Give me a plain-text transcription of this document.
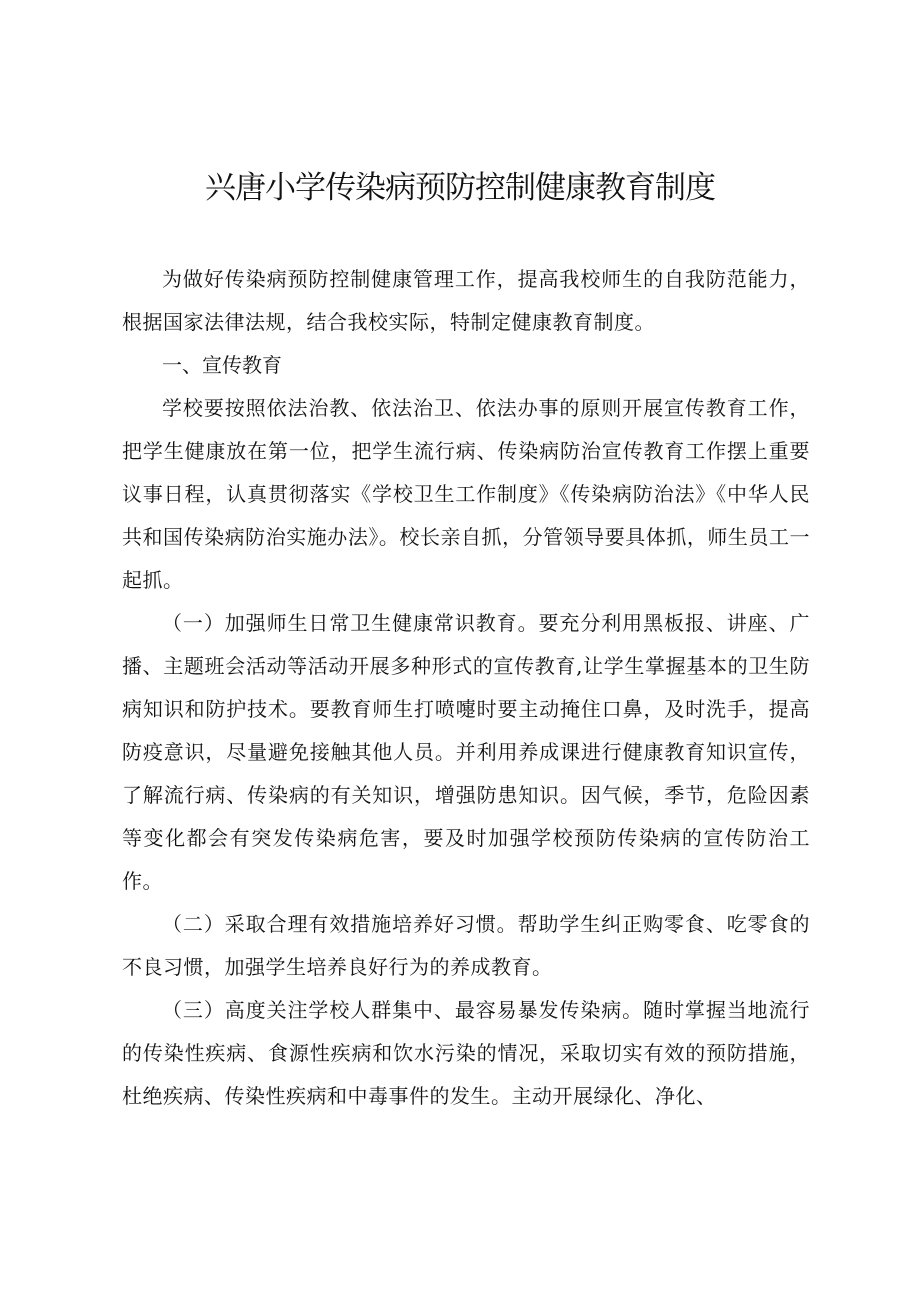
兴唐小学传染病预防控制健康教育制度

为做好传染病预防控制健康管理工作，提高我校师生的自我防范能力，根据国家法律法规，结合我校实际，特制定健康教育制度。

一、宣传教育

学校要按照依法治教、依法治卫、依法办事的原则开展宣传教育工作，把学生健康放在第一位，把学生流行病、传染病防治宣传教育工作摆上重要议事日程，认真贯彻落实《学校卫生工作制度》《传染病防治法》《中华人民共和国传染病防治实施办法》。校长亲自抓，分管领导要具体抓，师生员工一起抓。

（一）加强师生日常卫生健康常识教育。要充分利用黑板报、讲座、广播、主题班会活动等活动开展多种形式的宣传教育,让学生掌握基本的卫生防病知识和防护技术。要教育师生打喷嚏时要主动掩住口鼻，及时洗手，提高防疫意识，尽量避免接触其他人员。并利用养成课进行健康教育知识宣传，了解流行病、传染病的有关知识，增强防患知识。因气候，季节，危险因素等变化都会有突发传染病危害，要及时加强学校预防传染病的宣传防治工作。

（二）采取合理有效措施培养好习惯。帮助学生纠正购零食、吃零食的不良习惯，加强学生培养良好行为的养成教育。

（三）高度关注学校人群集中、最容易暴发传染病。随时掌握当地流行的传染性疾病、食源性疾病和饮水污染的情况，采取切实有效的预防措施，杜绝疾病、传染性疾病和中毒事件的发生。主动开展绿化、净化、
